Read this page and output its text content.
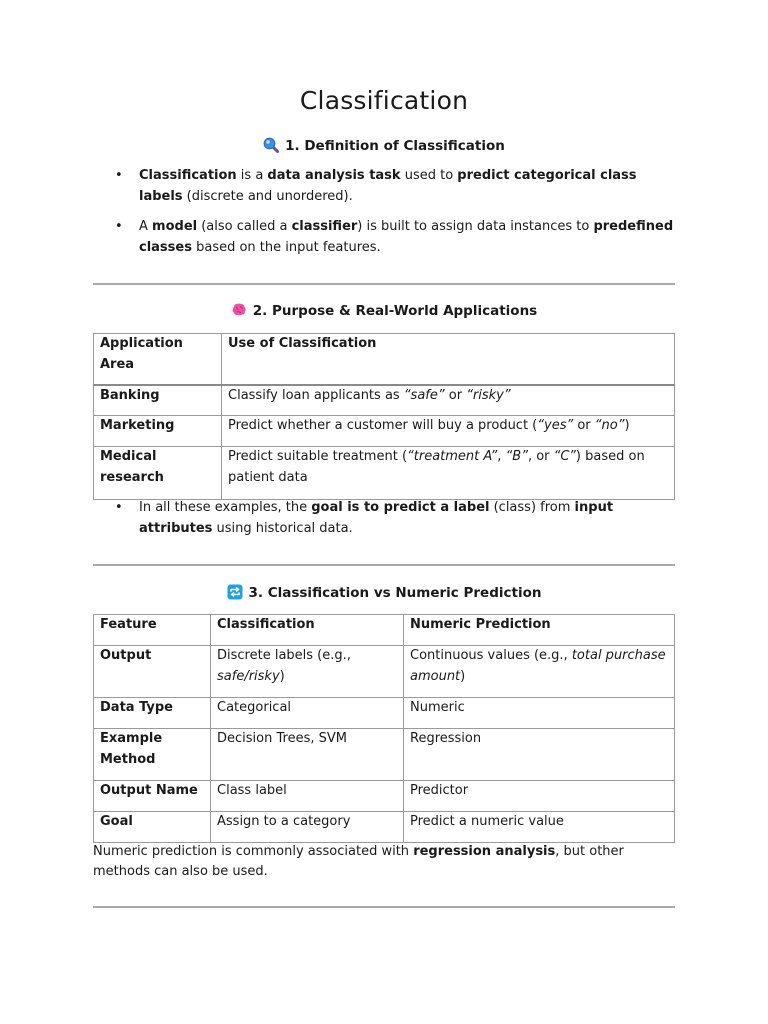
Classification
1. Definition of Classification
• Classification is a data analysis task used to predict categorical class labels (discrete and unordered).
• A model (also called a classifier) is built to assign data instances to predefined classes based on the input features.
2. Purpose & Real-World Applications
Application Area	Use of Classification
Banking	Classify loan applicants as “safe” or “risky”
Marketing	Predict whether a customer will buy a product (“yes” or “no”)
Medical research	Predict suitable treatment (“treatment A”, “B”, or “C”) based on patient data
• In all these examples, the goal is to predict a label (class) from input attributes using historical data.
3. Classification vs Numeric Prediction
Feature	Classification	Numeric Prediction
Output	Discrete labels (e.g., safe/risky)	Continuous values (e.g., total purchase amount)
Data Type	Categorical	Numeric
Example Method	Decision Trees, SVM	Regression
Output Name	Class label	Predictor
Goal	Assign to a category	Predict a numeric value
Numeric prediction is commonly associated with regression analysis, but other methods can also be used.
